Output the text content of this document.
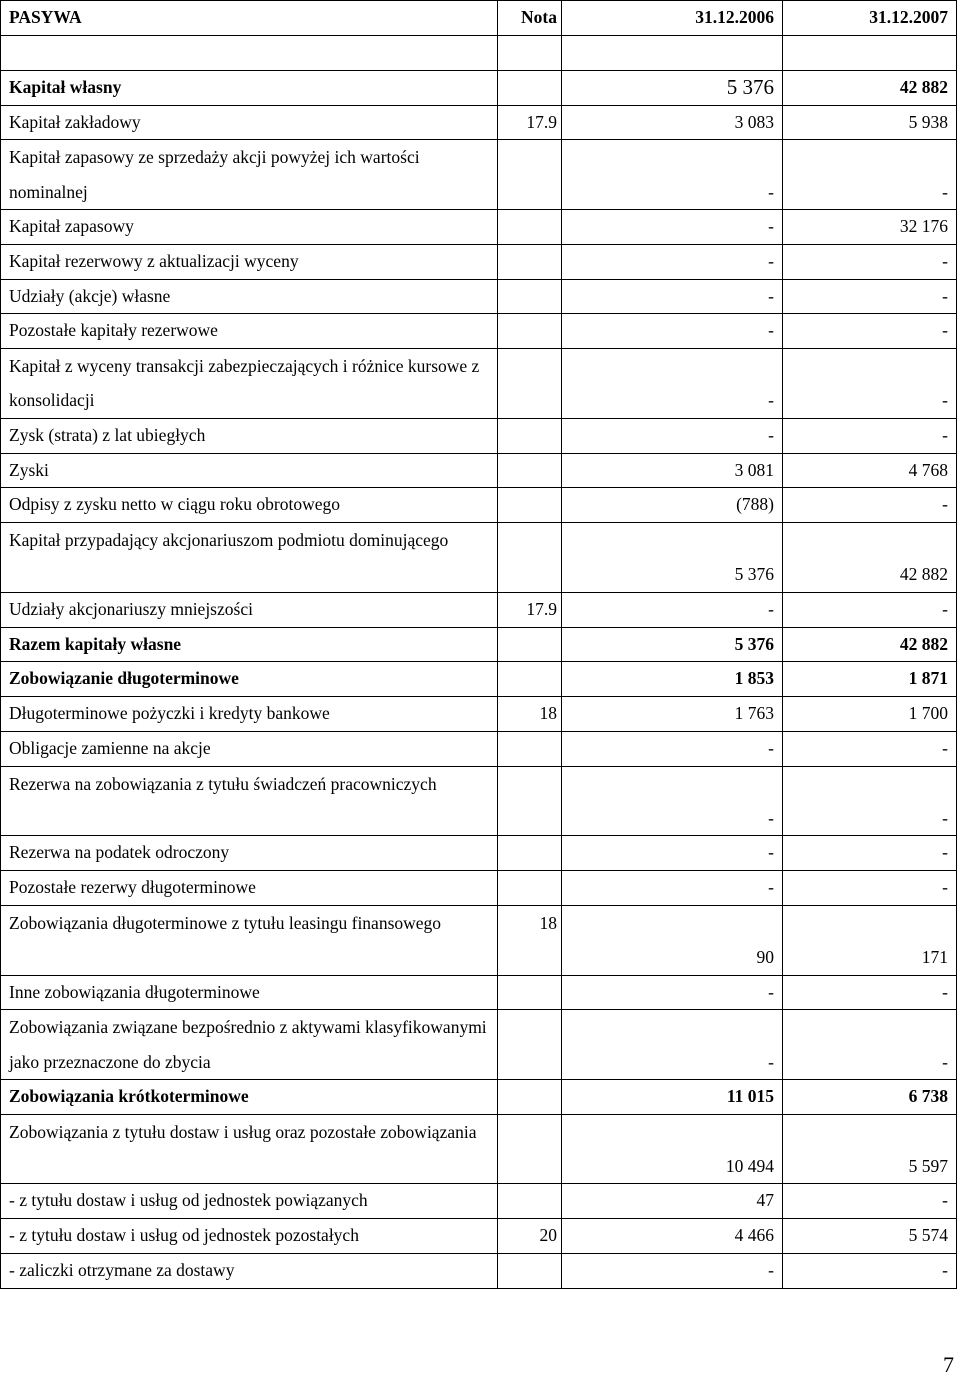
PASYWA	Nota	31.12.2006	31.12.2007

Kapitał własny		5 376	42 882
Kapitał zakładowy	17.9	3 083	5 938
Kapitał zapasowy ze sprzedaży akcji powyżej ich wartości nominalnej		-	-
Kapitał zapasowy		-	32 176
Kapitał rezerwowy z aktualizacji wyceny		-	-
Udziały (akcje) własne		-	-
Pozostałe kapitały rezerwowe		-	-
Kapitał z wyceny transakcji zabezpieczających i różnice kursowe z konsolidacji		-	-
Zysk (strata) z lat ubiegłych		-	-
Zyski		3 081	4 768
Odpisy z zysku netto w ciągu roku obrotowego		(788)	-
Kapitał przypadający akcjonariuszom podmiotu dominującego		5 376	42 882
Udziały akcjonariuszy mniejszości	17.9	-	-
Razem kapitały własne		5 376	42 882
Zobowiązanie długoterminowe		1 853	1 871
Długoterminowe pożyczki i kredyty bankowe	18	1 763	1 700
Obligacje zamienne na akcje		-	-
Rezerwa na zobowiązania z tytułu świadczeń pracowniczych		-	-
Rezerwa na podatek odroczony		-	-
Pozostałe rezerwy długoterminowe		-	-
Zobowiązania długoterminowe z tytułu leasingu finansowego	18	90	171
Inne zobowiązania długoterminowe		-	-
Zobowiązania związane bezpośrednio z aktywami klasyfikowanymi jako przeznaczone do zbycia		-	-
Zobowiązania krótkoterminowe		11 015	6 738
Zobowiązania z tytułu dostaw i usług oraz pozostałe zobowiązania		10 494	5 597
- z tytułu dostaw i usług od jednostek powiązanych		47	-
- z tytułu dostaw i usług od jednostek pozostałych	20	4 466	5 574
- zaliczki otrzymane za dostawy		-	-
7
